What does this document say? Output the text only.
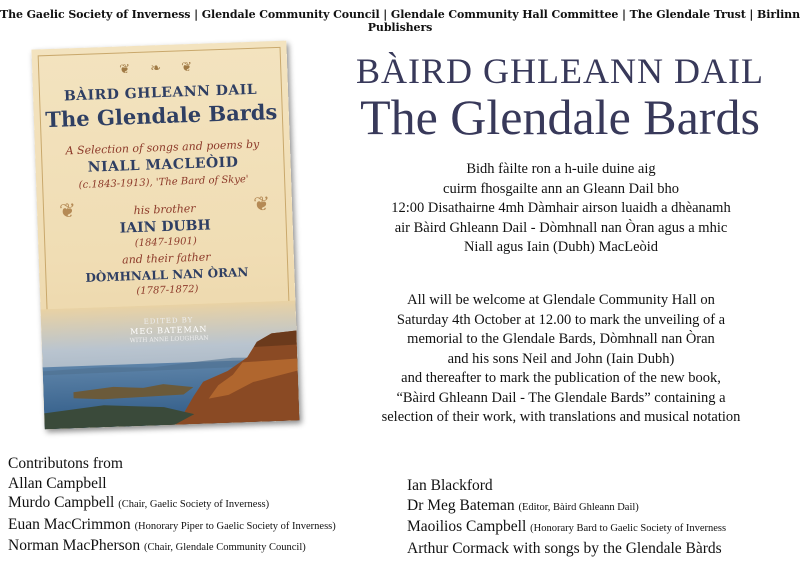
The Gaelic Society of Inverness | Glendale Community Council | Glendale Community Hall Committee | The Glendale Trust | Birlinn Publishers
❦ ❧ ❦
BÀIRD GHLEANN DAIL
The Glendale Bards
A Selection of songs and poems by
NIALL MACLEÒID
(c.1843-1913), 'The Bard of Skye'
❦	❦
his brother
IAIN DUBH
(1847-1901)
and their father
DÒMHNALL NAN ÒRAN
(1787-1872)
EDITED BY
MEG BATEMAN
WITH ANNE LOUGHRAN
BÀIRD GHLEANN DAIL
The Glendale Bards
Bidh fàilte ron a h-uile duine aig
cuirm fhosgailte ann an Gleann Dail bho
12:00 Disathairne 4mh Dàmhair airson luaidh a dhèanamh
air Bàird Ghleann Dail - Dòmhnall nan Òran agus a mhic
Niall agus Iain (Dubh) MacLeòid
All will be welcome at Glendale Community Hall on
Saturday 4th October at 12.00 to mark the unveiling of a
memorial to the Glendale Bards, Dòmhnall nan Òran
and his sons Neil and John (Iain Dubh)
and thereafter to mark the publication of the new book,
“Bàird Ghleann Dail - The Glendale Bards” containing a
selection of their work, with translations and musical notation
Contributons from
Allan Campbell
Murdo Campbell (Chair, Gaelic Society of Inverness)
Euan MacCrimmon (Honorary Piper to Gaelic Society of Inverness)
Norman MacPherson (Chair, Glendale Community Council)
Ian Blackford
Dr Meg Bateman (Editor, Bàird Ghleann Dail)
Maoilios Campbell (Honorary Bard to Gaelic Society of Inverness
Arthur Cormack with songs by the Glendale Bàrds
